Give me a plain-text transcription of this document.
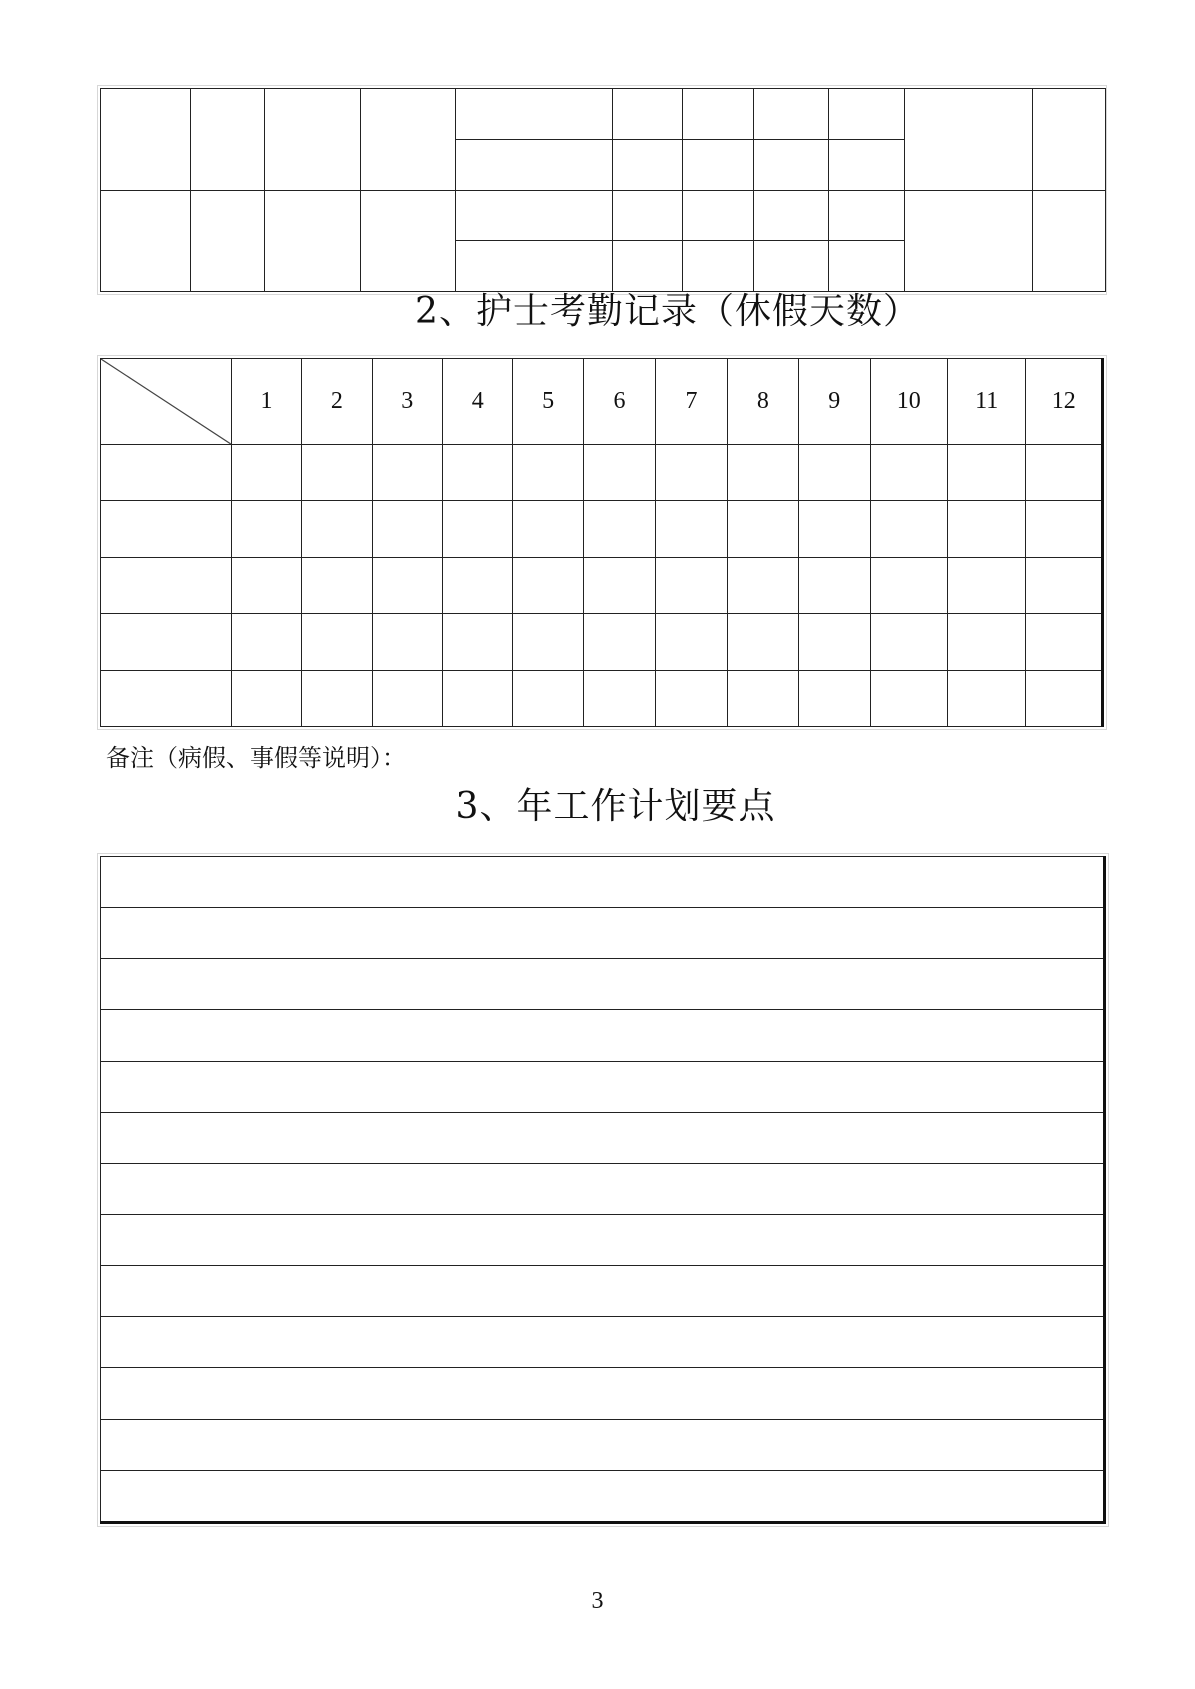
2、护士考勤记录（休假天数）
	1	2	3	4	5	6	7	8	9	10	11	12

备注（病假、事假等说明）：
3、年工作计划要点

3
